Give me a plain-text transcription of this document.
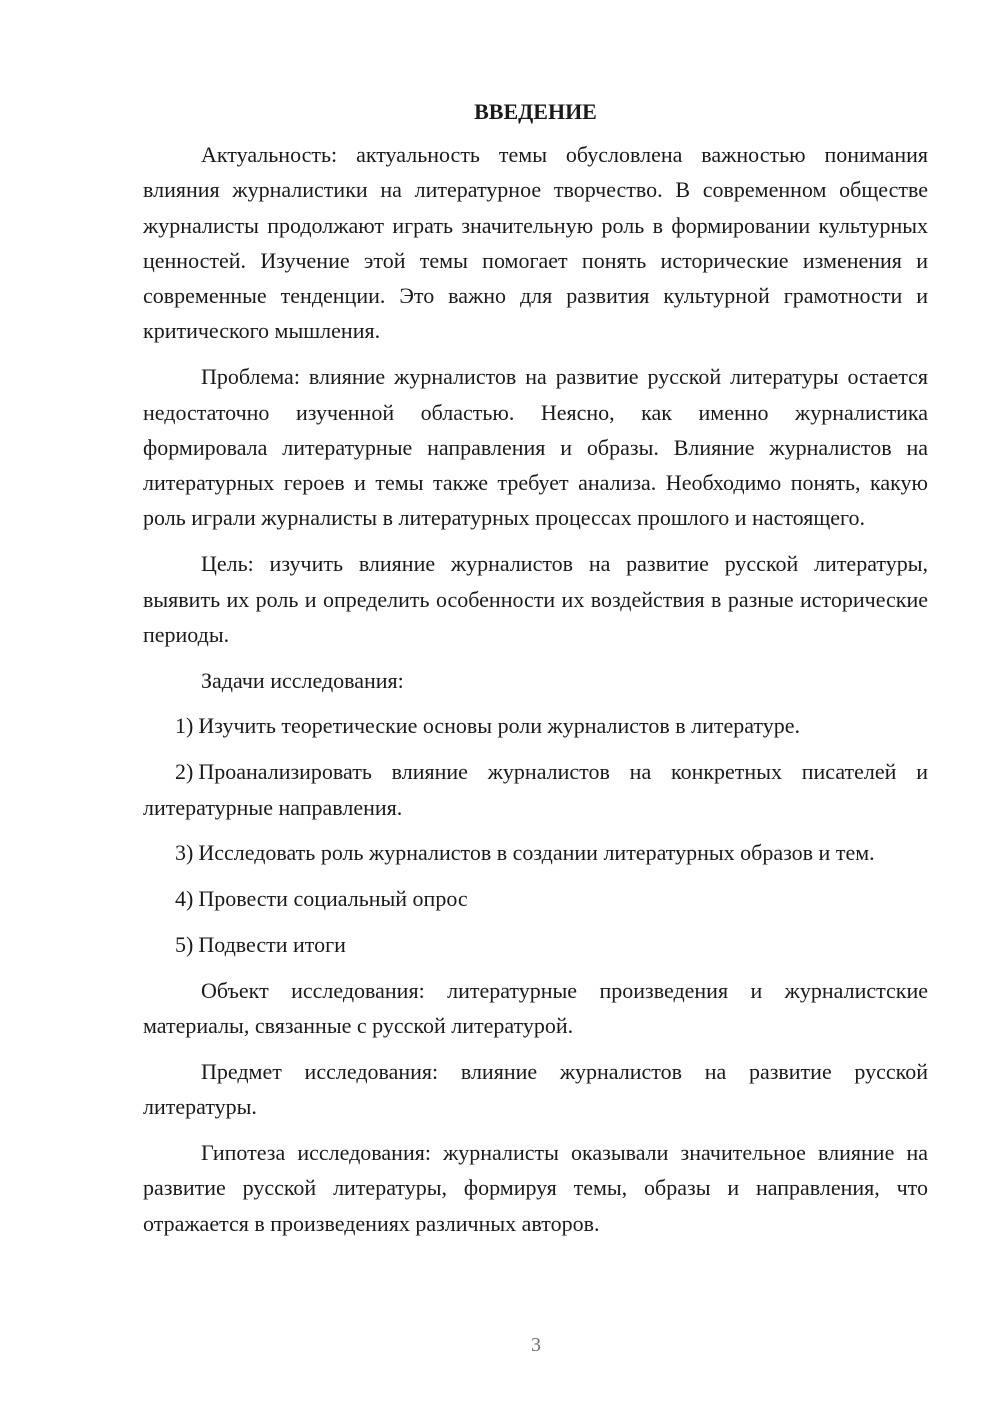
ВВЕДЕНИЕ

Актуальность: актуальность темы обусловлена важностью понимания влияния журналистики на литературное творчество. В современном обществе журналисты продолжают играть значительную роль в формировании культурных ценностей. Изучение этой темы помогает понять исторические изменения и современные тенденции. Это важно для развития культурной грамотности и критического мышления.

Проблема: влияние журналистов на развитие русской литературы остается недостаточно изученной областью. Неясно, как именно журналистика формировала литературные направления и образы. Влияние журналистов на литературных героев и темы также требует анализа. Необходимо понять, какую роль играли журналисты в литературных процессах прошлого и настоящего.

Цель: изучить влияние журналистов на развитие русской литературы, выявить их роль и определить особенности их воздействия в разные исторические периоды.

Задачи исследования:

1) Изучить теоретические основы роли журналистов в литературе.

2) Проанализировать влияние журналистов на конкретных писателей и литературные направления.

3) Исследовать роль журналистов в создании литературных образов и тем.

4) Провести социальный опрос

5) Подвести итоги

Объект исследования: литературные произведения и журналистские материалы, связанные с русской литературой.

Предмет исследования: влияние журналистов на развитие русской литературы.

Гипотеза исследования: журналисты оказывали значительное влияние на развитие русской литературы, формируя темы, образы и направления, что отражается в произведениях различных авторов.

3
